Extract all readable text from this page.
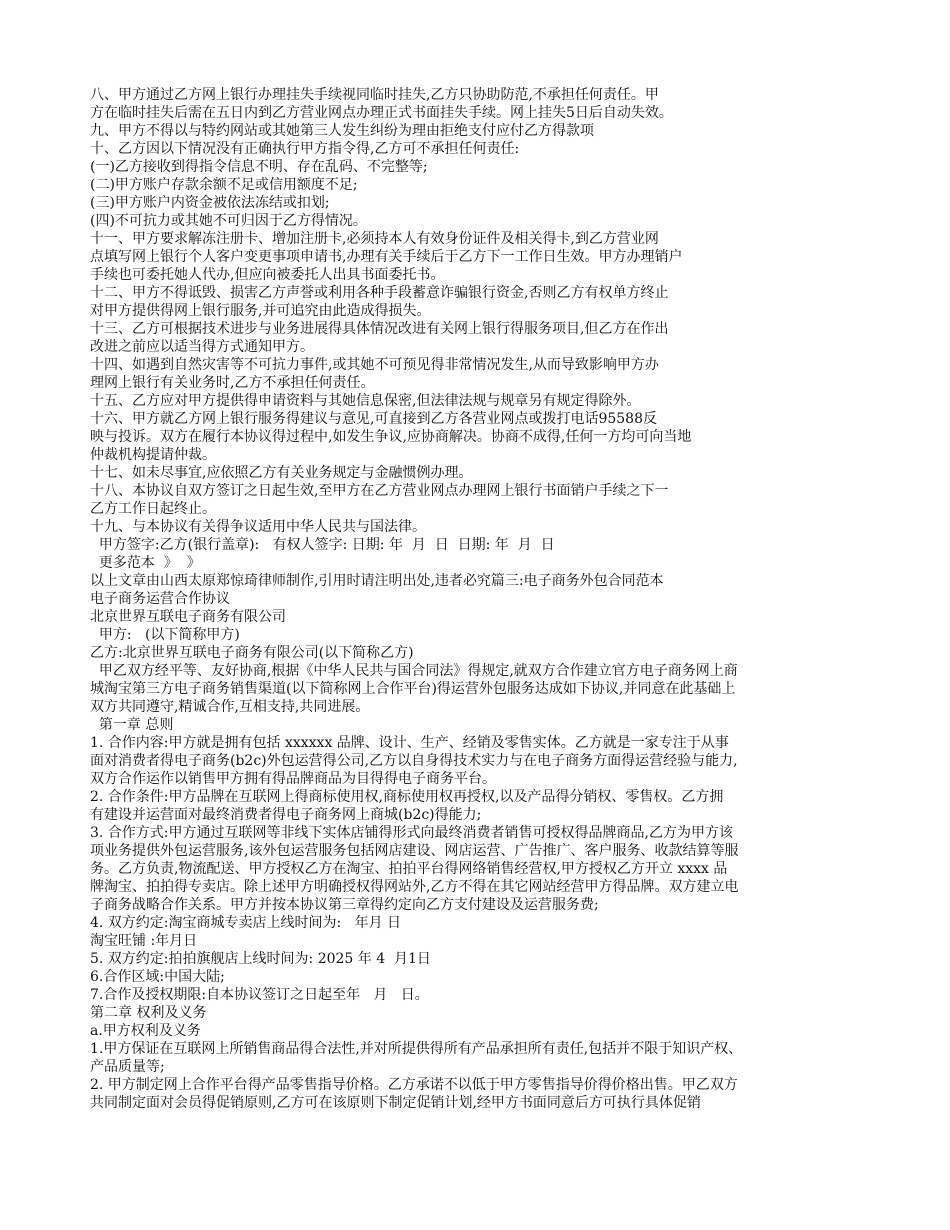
八、甲方通过乙方网上银行办理挂失手续视同临时挂失,乙方只协助防范,不承担任何责任。甲
方在临时挂失后需在五日内到乙方营业网点办理正式书面挂失手续。网上挂失5日后自动失效。
九、甲方不得以与特约网站或其她第三人发生纠纷为理由拒绝支付应付乙方得款项
十、乙方因以下情况没有正确执行甲方指令得,乙方可不承担任何责任:
(一)乙方接收到得指令信息不明、存在乱码、不完整等;
(二)甲方账户存款余额不足或信用额度不足;
(三)甲方账户内资金被依法冻结或扣划;
(四)不可抗力或其她不可归因于乙方得情况。
十一、甲方要求解冻注册卡、增加注册卡,必须持本人有效身份证件及相关得卡,到乙方营业网
点填写网上银行个人客户变更事项申请书,办理有关手续后于乙方下一工作日生效。甲方办理销户
手续也可委托她人代办,但应向被委托人出具书面委托书。
十二、甲方不得诋毁、损害乙方声誉或利用各种手段蓄意诈骗银行资金,否则乙方有权单方终止
对甲方提供得网上银行服务,并可追究由此造成得损失。
十三、乙方可根据技术进步与业务进展得具体情况改进有关网上银行得服务项目,但乙方在作出
改进之前应以适当得方式通知甲方。
十四、如遇到自然灾害等不可抗力事件,或其她不可预见得非常情况发生,从而导致影响甲方办
理网上银行有关业务时,乙方不承担任何责任。
十五、乙方应对甲方提供得申请资料与其她信息保密,但法律法规与规章另有规定得除外。
十六、甲方就乙方网上银行服务得建议与意见,可直接到乙方各营业网点或拨打电话95588反
映与投诉。双方在履行本协议得过程中,如发生争议,应协商解决。协商不成得,任何一方均可向当地
仲裁机构提请仲裁。
十七、如未尽事宜,应依照乙方有关业务规定与金融惯例办理。
十八、本协议自双方签订之日起生效,至甲方在乙方营业网点办理网上银行书面销户手续之下一
乙方工作日起终止。
十九、与本协议有关得争议适用中华人民共与国法律。
甲方签字:乙方(银行盖章):   有权人签字: 日期: 年  月  日  日期: 年  月  日
更多范本  》  》
以上文章由山西太原郑惊琦律师制作,引用时请注明出处,违者必究篇三:电子商务外包合同范本
电子商务运营合作协议
北京世界互联电子商务有限公司
甲方:   (以下简称甲方)
乙方:北京世界互联电子商务有限公司(以下简称乙方)
甲乙双方经平等、友好协商,根据《中华人民共与国合同法》得规定,就双方合作建立官方电子商务网上商
城淘宝第三方电子商务销售渠道(以下简称网上合作平台)得运营外包服务达成如下协议,并同意在此基础上
双方共同遵守,精诚合作,互相支持,共同进展。
第一章 总则
1. 合作内容:甲方就是拥有包括 xxxxxx 品牌、设计、生产、经销及零售实体。乙方就是一家专注于从事
面对消费者得电子商务(b2c)外包运营得公司,乙方以自身得技术实力与在电子商务方面得运营经验与能力,
双方合作运作以销售甲方拥有得品牌商品为目得得电子商务平台。
2. 合作条件:甲方品牌在互联网上得商标使用权,商标使用权再授权,以及产品得分销权、零售权。乙方拥
有建设并运营面对最终消费者得电子商务网上商城(b2c)得能力;
3. 合作方式:甲方通过互联网等非线下实体店铺得形式向最终消费者销售可授权得品牌商品,乙方为甲方该
项业务提供外包运营服务,该外包运营服务包括网店建设、网店运营、广告推广、客户服务、收款结算等服
务。乙方负责,物流配送、甲方授权乙方在淘宝、拍拍平台得网络销售经营权,甲方授权乙方开立 xxxx 品
牌淘宝、拍拍得专卖店。除上述甲方明确授权得网站外,乙方不得在其它网站经营甲方得品牌。双方建立电
子商务战略合作关系。甲方并按本协议第三章得约定向乙方支付建设及运营服务费;
4. 双方约定:淘宝商城专卖店上线时间为:   年月 日
淘宝旺铺 :年月日
5. 双方约定:拍拍旗舰店上线时间为: 2025 年 4  月1日
6.合作区域:中国大陆;
7.合作及授权期限:自本协议签订之日起至年   月   日。
第二章 权利及义务
a.甲方权利及义务
1.甲方保证在互联网上所销售商品得合法性,并对所提供得所有产品承担所有责任,包括并不限于知识产权、
产品质量等;
2. 甲方制定网上合作平台得产品零售指导价格。乙方承诺不以低于甲方零售指导价得价格出售。甲乙双方
共同制定面对会员得促销原则,乙方可在该原则下制定促销计划,经甲方书面同意后方可执行具体促销
